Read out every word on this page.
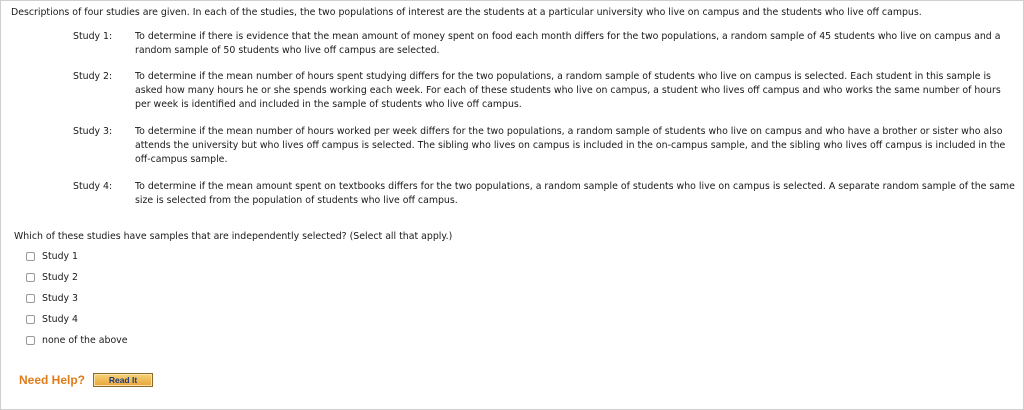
Descriptions of four studies are given. In each of the studies, the two populations of interest are the students at a particular university who live on campus and the students who live off campus.
Study 1: To determine if there is evidence that the mean amount of money spent on food each month differs for the two populations, a random sample of 45 students who live on campus and a random sample of 50 students who live off campus are selected.
Study 2: To determine if the mean number of hours spent studying differs for the two populations, a random sample of students who live on campus is selected. Each student in this sample is asked how many hours he or she spends working each week. For each of these students who live on campus, a student who lives off campus and who works the same number of hours per week is identified and included in the sample of students who live off campus.
Study 3: To determine if the mean number of hours worked per week differs for the two populations, a random sample of students who live on campus and who have a brother or sister who also attends the university but who lives off campus is selected. The sibling who lives on campus is included in the on-campus sample, and the sibling who lives off campus is included in the off-campus sample.
Study 4: To determine if the mean amount spent on textbooks differs for the two populations, a random sample of students who live on campus is selected. A separate random sample of the same size is selected from the population of students who live off campus.
Which of these studies have samples that are independently selected? (Select all that apply.)
Study 1
Study 2
Study 3
Study 4
none of the above
Need Help?	Read It
